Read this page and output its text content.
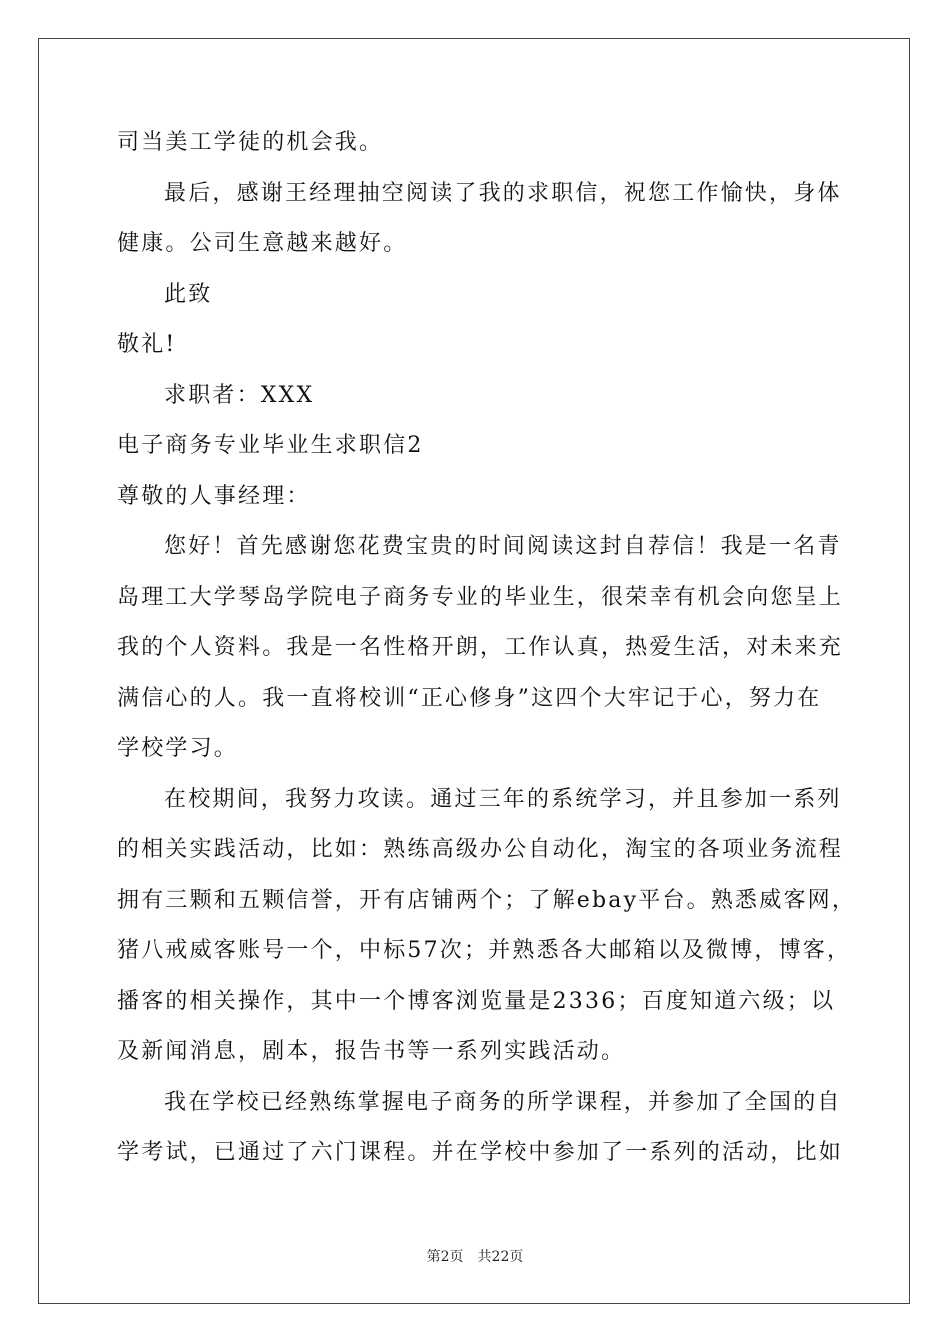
司当美工学徒的机会我。
最后，感谢王经理抽空阅读了我的求职信，祝您工作愉快，身体
健康。公司生意越来越好。
此致
敬礼!
求职者：XXX
电子商务专业毕业生求职信2
尊敬的人事经理：
您好！首先感谢您花费宝贵的时间阅读这封自荐信！我是一名青
岛理工大学琴岛学院电子商务专业的毕业生，很荣幸有机会向您呈上
我的个人资料。我是一名性格开朗，工作认真，热爱生活，对未来充
满信心的人。我一直将校训“正心修身”这四个大牢记于心，努力在
学校学习。
在校期间，我努力攻读。通过三年的系统学习，并且参加一系列
的相关实践活动，比如：熟练高级办公自动化，淘宝的各项业务流程
拥有三颗和五颗信誉，开有店铺两个；了解ebay平台。熟悉威客网，
猪八戒威客账号一个，中标57次；并熟悉各大邮箱以及微博，博客，
播客的相关操作，其中一个博客浏览量是2336；百度知道六级；以
及新闻消息，剧本，报告书等一系列实践活动。
我在学校已经熟练掌握电子商务的所学课程，并参加了全国的自
学考试，已通过了六门课程。并在学校中参加了一系列的活动，比如
第2页 共22页
